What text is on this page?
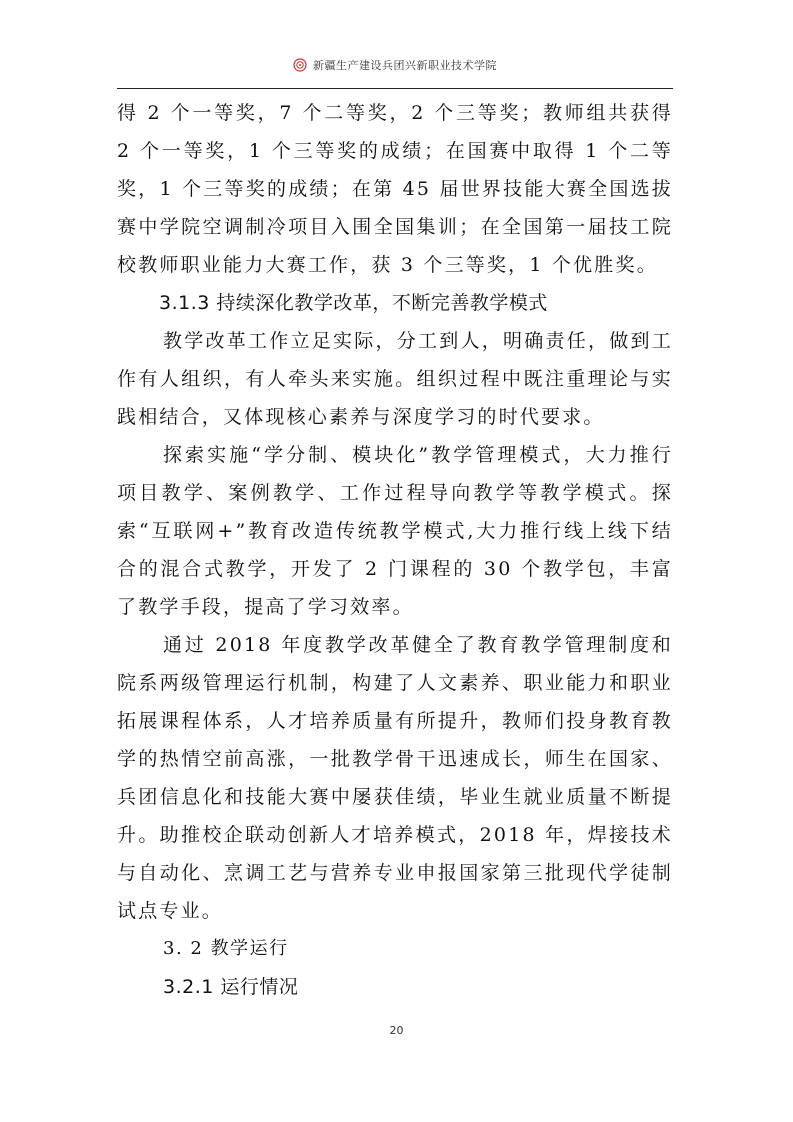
新疆生产建设兵团兴新职业技术学院

得 2 个一等奖，7 个二等奖，2 个三等奖；教师组共获得 2 个一等奖，1 个三等奖的成绩；在国赛中取得 1 个二等奖，1 个三等奖的成绩；在第 45 届世界技能大赛全国选拔赛中学院空调制冷项目入围全国集训；在全国第一届技工院校教师职业能力大赛工作，获 3 个三等奖，1 个优胜奖。

3.1.3 持续深化教学改革，不断完善教学模式

教学改革工作立足实际，分工到人，明确责任，做到工作有人组织，有人牵头来实施。组织过程中既注重理论与实践相结合，又体现核心素养与深度学习的时代要求。

探索实施“学分制、模块化”教学管理模式，大力推行项目教学、案例教学、工作过程导向教学等教学模式。探索“互联网+”教育改造传统教学模式,大力推行线上线下结合的混合式教学，开发了 2 门课程的 30 个教学包，丰富了教学手段，提高了学习效率。

通过 2018 年度教学改革健全了教育教学管理制度和院系两级管理运行机制，构建了人文素养、职业能力和职业拓展课程体系，人才培养质量有所提升，教师们投身教育教学的热情空前高涨，一批教学骨干迅速成长，师生在国家、兵团信息化和技能大赛中屡获佳绩，毕业生就业质量不断提升。助推校企联动创新人才培养模式，2018 年，焊接技术与自动化、烹调工艺与营养专业申报国家第三批现代学徒制试点专业。

3. 2 教学运行

3.2.1 运行情况

20
